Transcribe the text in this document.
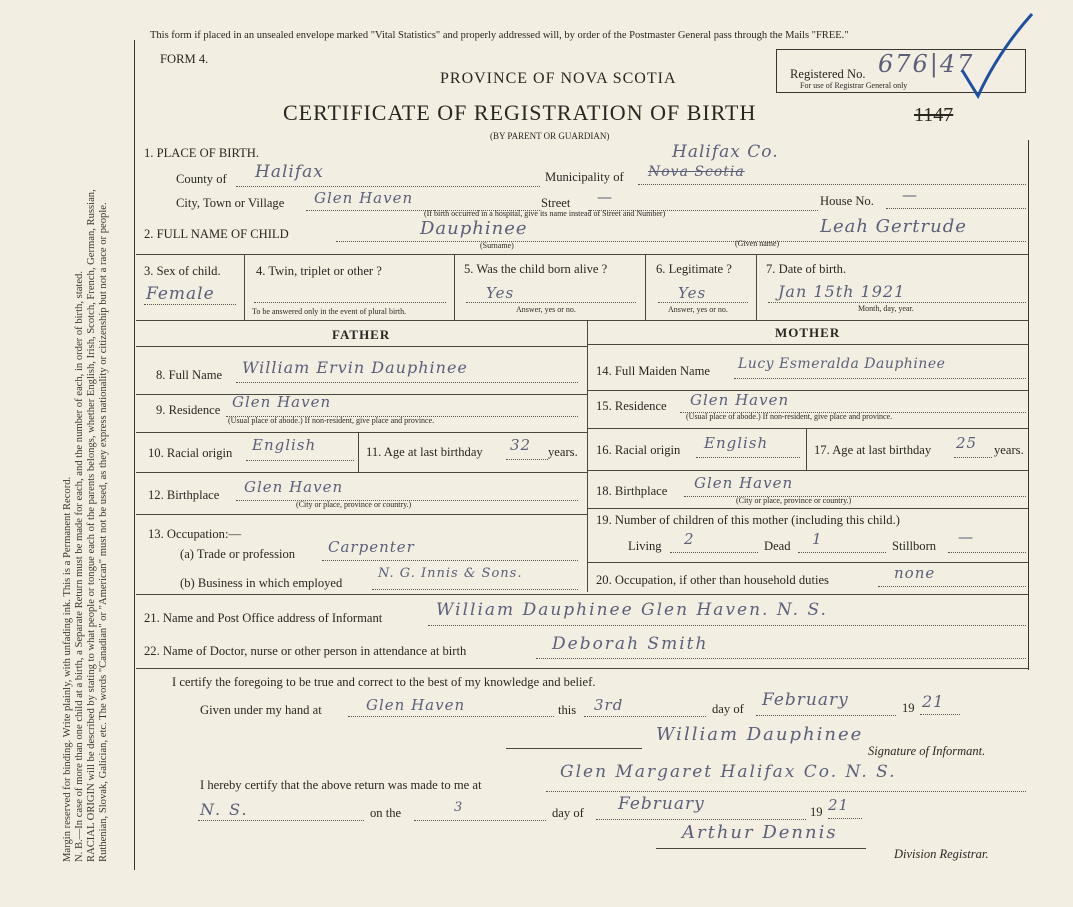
Margin reserved for binding. Write plainly, with unfading ink. This is a Permanent Record. N. B.—In case of more than one child at a birth, a Separate Return must be made for each, and the number of each, in order of birth, stated. RACIAL ORIGIN will be described by stating to what people or tongue each of the parents belongs, whether English, Irish, Scotch, French, German, Russian, Ruthenian, Slovak, Galician, etc. The words "Canadian" or "American" must not be used, as they express nationality or citizenship but not a race or people.
This form if placed in an unsealed envelope marked "Vital Statistics" and properly addressed will, by order of the Postmaster General pass through the Mails "FREE."
FORM 4.
PROVINCE OF NOVA SCOTIA
CERTIFICATE OF REGISTRATION OF BIRTH	1147
(BY PARENT OR GUARDIAN)
Registered No. 676|47
For use of Registrar General only
1. PLACE OF BIRTH.
County of Halifax	Municipality of
Halifax Co.
Nova Scotia
City, Town or Village Glen Haven	Street —	House No. —
(If birth occurred in a hospital, give its name instead of Street and Number)
2. FULL NAME OF CHILD	Dauphinee	Leah Gertrude
(Surname)	(Given name)
3. Sex of child.
Female
4. Twin, triplet or other ?
To be answered only in the event of plural birth.
5. Was the child born alive ?
Yes
Answer, yes or no.
6. Legitimate ?
Yes
Answer, yes or no.
7. Date of birth.
Jan 15th 1921
Month, day, year.
FATHER
8. Full Name William Ervin Dauphinee
9. Residence Glen Haven
(Usual place of abode.) If non-resident, give place and province.
10. Racial origin English	11. Age at last birthday 32 years.
12. Birthplace Glen Haven
(City or place, province or country.)
13. Occupation:—
(a) Trade or profession Carpenter
(b) Business in which employed
N. G. Innis & Sons.
MOTHER
14. Full Maiden Name Lucy Esmeralda Dauphinee
15. Residence Glen Haven
(Usual place of abode.) If non-resident, give place and province.
16. Racial origin English	17. Age at last birthday 25 years.
18. Birthplace Glen Haven
(City or place, province or country.)
19. Number of children of this mother (including this child.)
Living 2	Dead 1	Stillborn —
20. Occupation, if other than household duties	none
21. Name and Post Office address of Informant	William Dauphinee Glen Haven. N. S.
22. Name of Doctor, nurse or other person in attendance at birth	Deborah Smith
I certify the foregoing to be true and correct to the best of my knowledge and belief.
Given under my hand at	Glen Haven	this 3rd	day of February	19 21
William Dauphinee
Signature of Informant.
I hereby certify that the above return was made to me at
Glen Margaret Halifax Co. N. S.
N. S.	on the	3	day of February	19 21
Arthur Dennis
Division Registrar.
